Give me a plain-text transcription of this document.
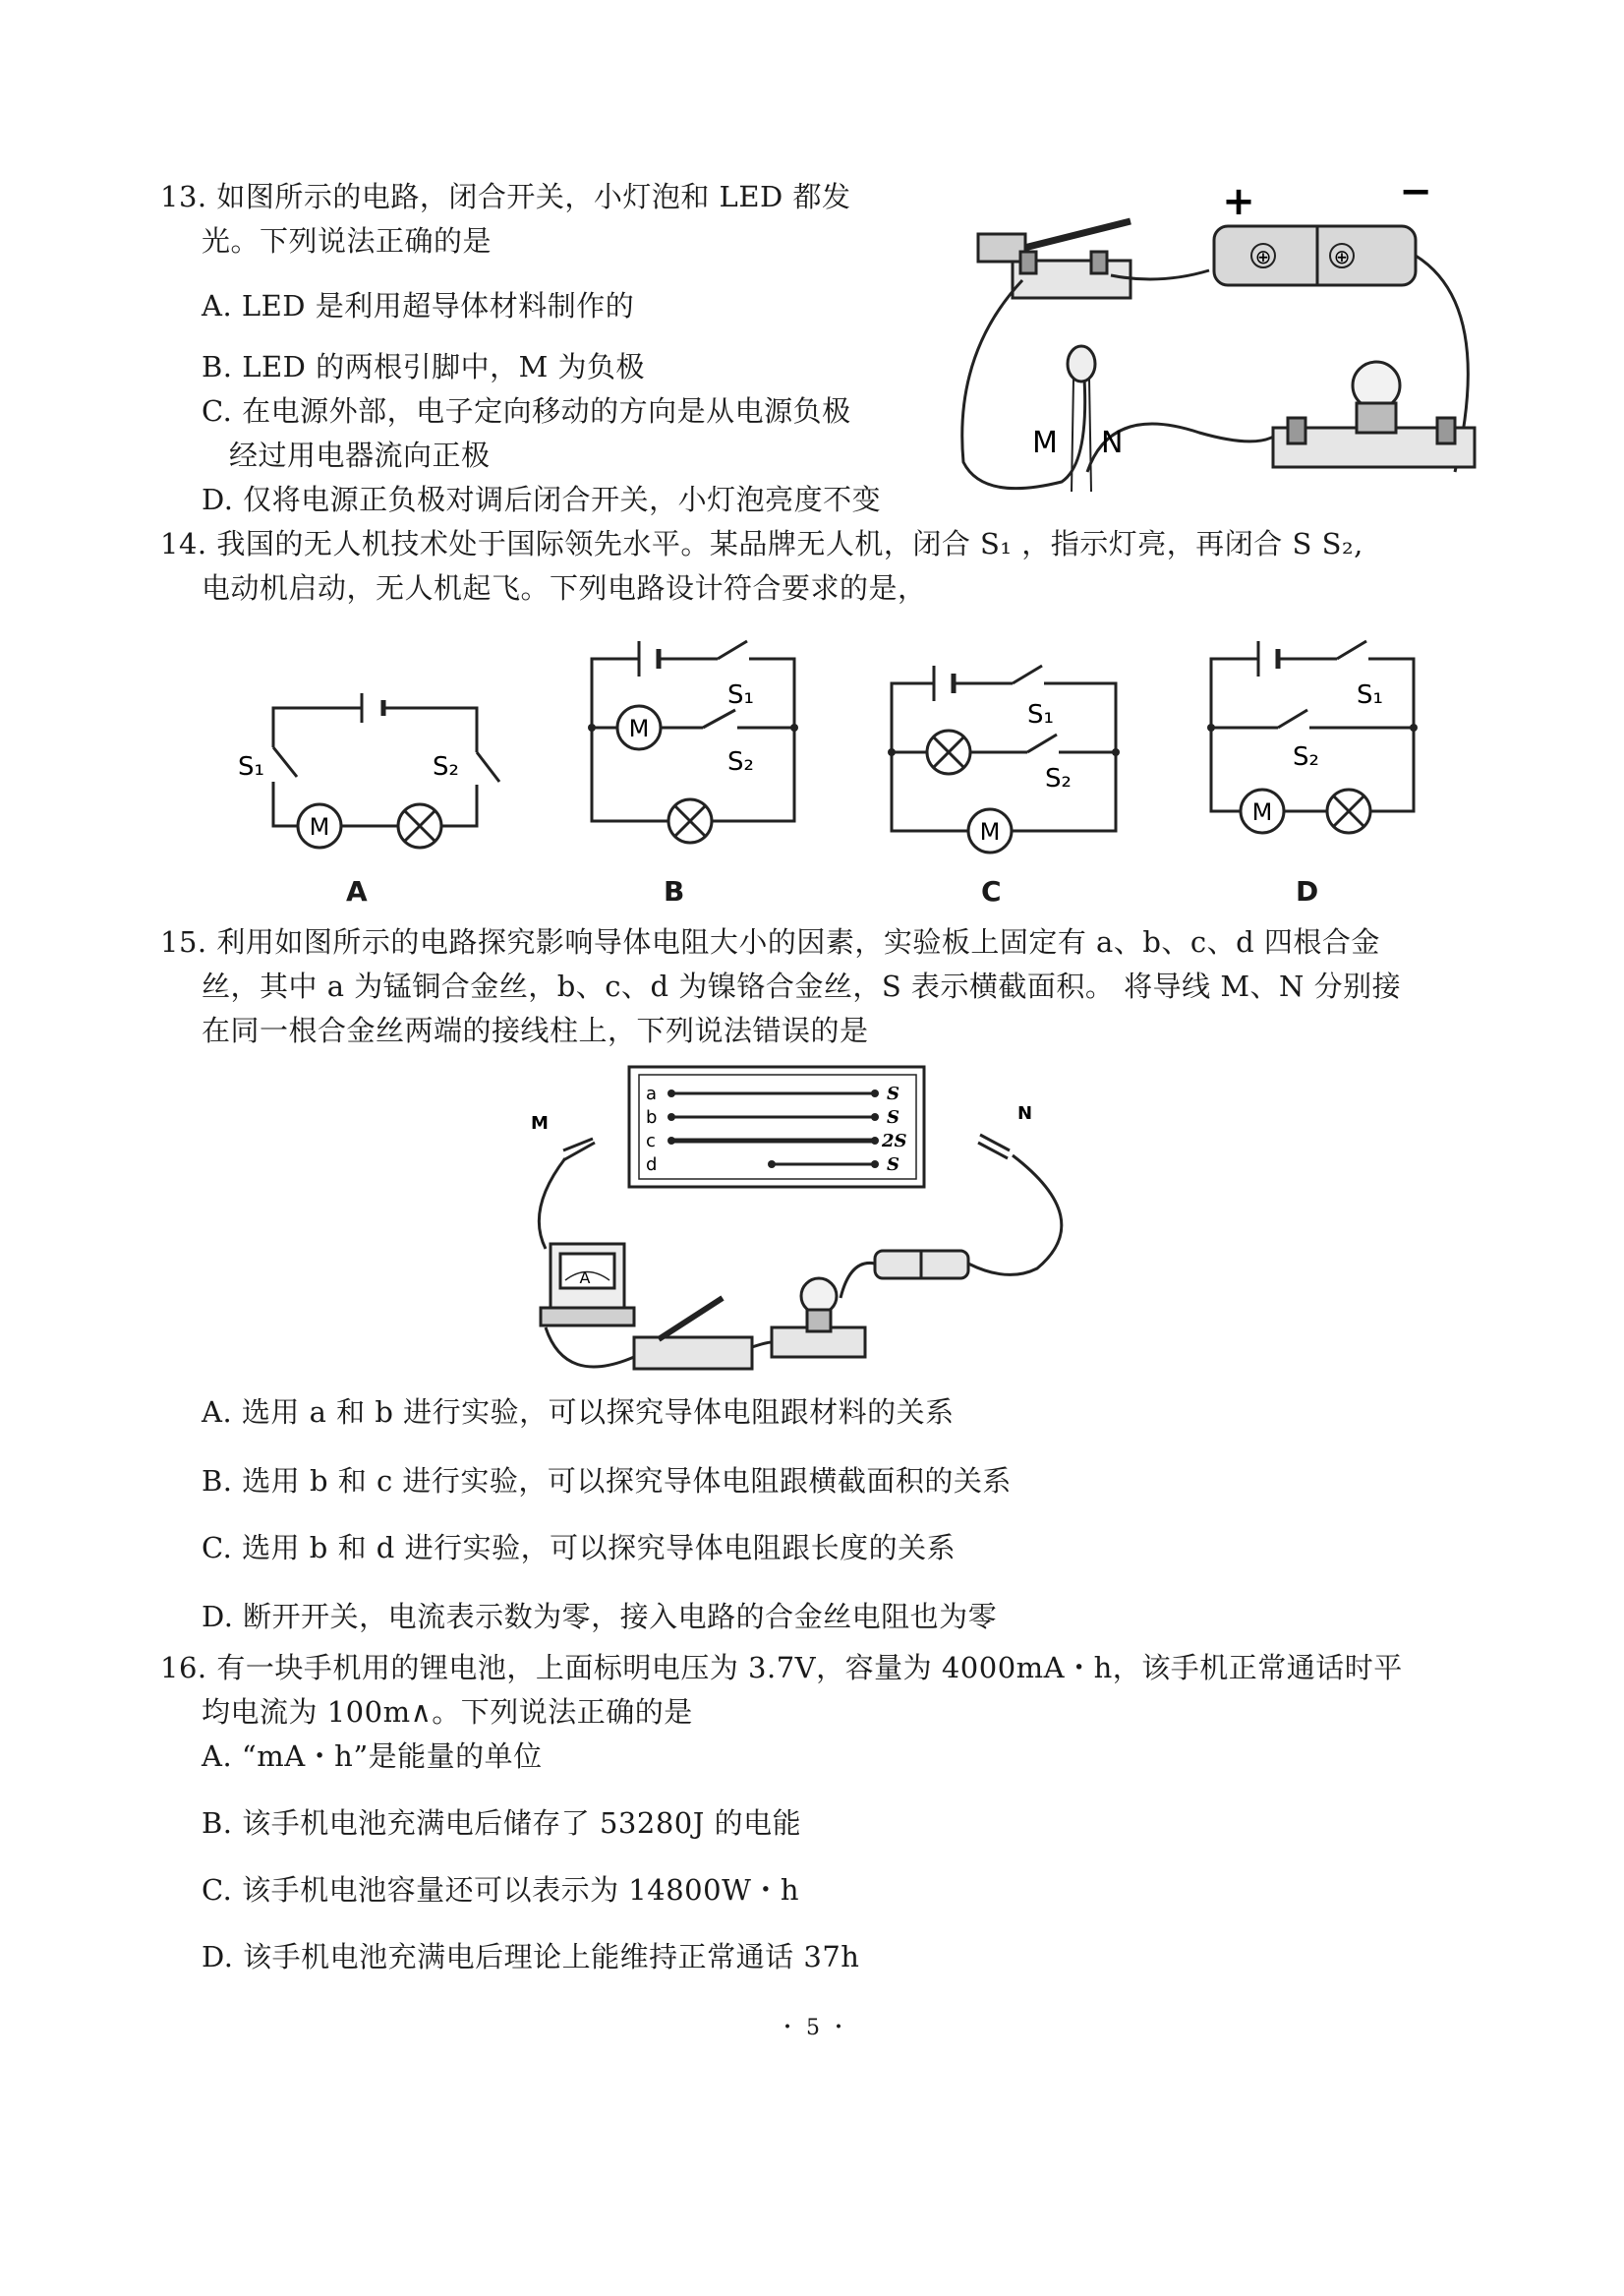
13. 如图所示的电路，闭合开关，小灯泡和 LED 都发
光。下列说法正确的是
A. LED 是利用超导体材料制作的
B. LED 的两根引脚中，M 为负极
C. 在电源外部，电子定向移动的方向是从电源负极
经过用电器流向正极
D. 仅将电源正负极对调后闭合开关，小灯泡亮度不变
⊕	⊕
+	−
M N
14. 我国的无人机技术处于国际领先水平。某品牌无人机，闭合 S₁ ，指示灯亮，再闭合 S S₂,
电动机启动，无人机起飞。下列电路设计符合要求的是，
M
S₁	S₂
A
M
S₁
S₂
B
M
S₁
S₂
C
M
S₁
S₂
D
15. 利用如图所示的电路探究影响导体电阻大小的因素，实验板上固定有 a、b、c、d 四根合金
丝，其中 a 为锰铜合金丝，b、c、d 为镍铬合金丝，S 表示横截面积。 将导线 M、N 分别接
在同一根合金丝两端的接线柱上，下列说法错误的是
a
b
c
d
S
S
2S
S
A
M	N
A. 选用 a 和 b 进行实验，可以探究导体电阻跟材料的关系
B. 选用 b 和 c 进行实验，可以探究导体电阻跟横截面积的关系
C. 选用 b 和 d 进行实验，可以探究导体电阻跟长度的关系
D. 断开开关，电流表示数为零，接入电路的合金丝电阻也为零
16. 有一块手机用的锂电池，上面标明电压为 3.7V，容量为 4000mA・h，该手机正常通话时平
均电流为 100m∧。下列说法正确的是
A. “mA・h”是能量的单位
B. 该手机电池充满电后储存了 53280J 的电能
C. 该手机电池容量还可以表示为 14800W・h
D. 该手机电池充满电后理论上能维持正常通话 37h
・ 5 ・
